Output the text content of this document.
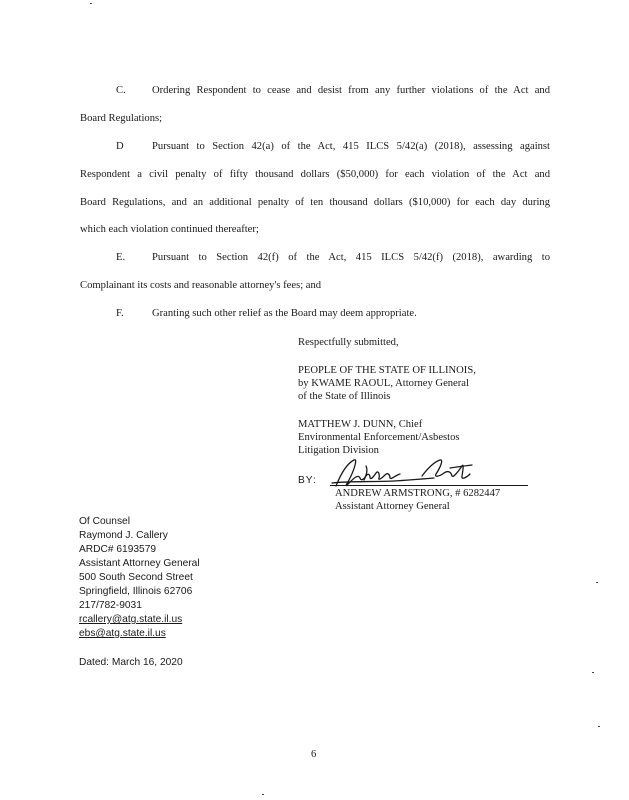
C. Ordering Respondent to cease and desist from any further violations of the Act and
Board Regulations;
D	Pursuant to Section 42(a) of the Act, 415 ILCS 5/42(a) (2018), assessing against
Respondent a civil penalty of fifty thousand dollars ($50,000) for each violation of the Act and
Board Regulations, and an additional penalty of ten thousand dollars ($10,000) for each day during
which each violation continued thereafter;
E.	Pursuant to Section 42(f) of the Act, 415 ILCS 5/42(f) (2018), awarding to
Complainant its costs and reasonable attorney's fees; and
F.	Granting such other relief as the Board may deem appropriate.
Respectfully submitted,
PEOPLE OF THE STATE OF ILLINOIS,
by KWAME RAOUL, Attorney General
of the State of Illinois
MATTHEW J. DUNN, Chief
Environmental Enforcement/Asbestos
Litigation Division
BY:
ANDREW ARMSTRONG, # 6282447
Assistant Attorney General
Of Counsel
Raymond J. Callery
ARDC# 6193579
Assistant Attorney General
500 South Second Street
Springfield, Illinois 62706
217/782-9031
rcallery@atg.state.il.us
ebs@atg.state.il.us
Dated: March 16, 2020
6
